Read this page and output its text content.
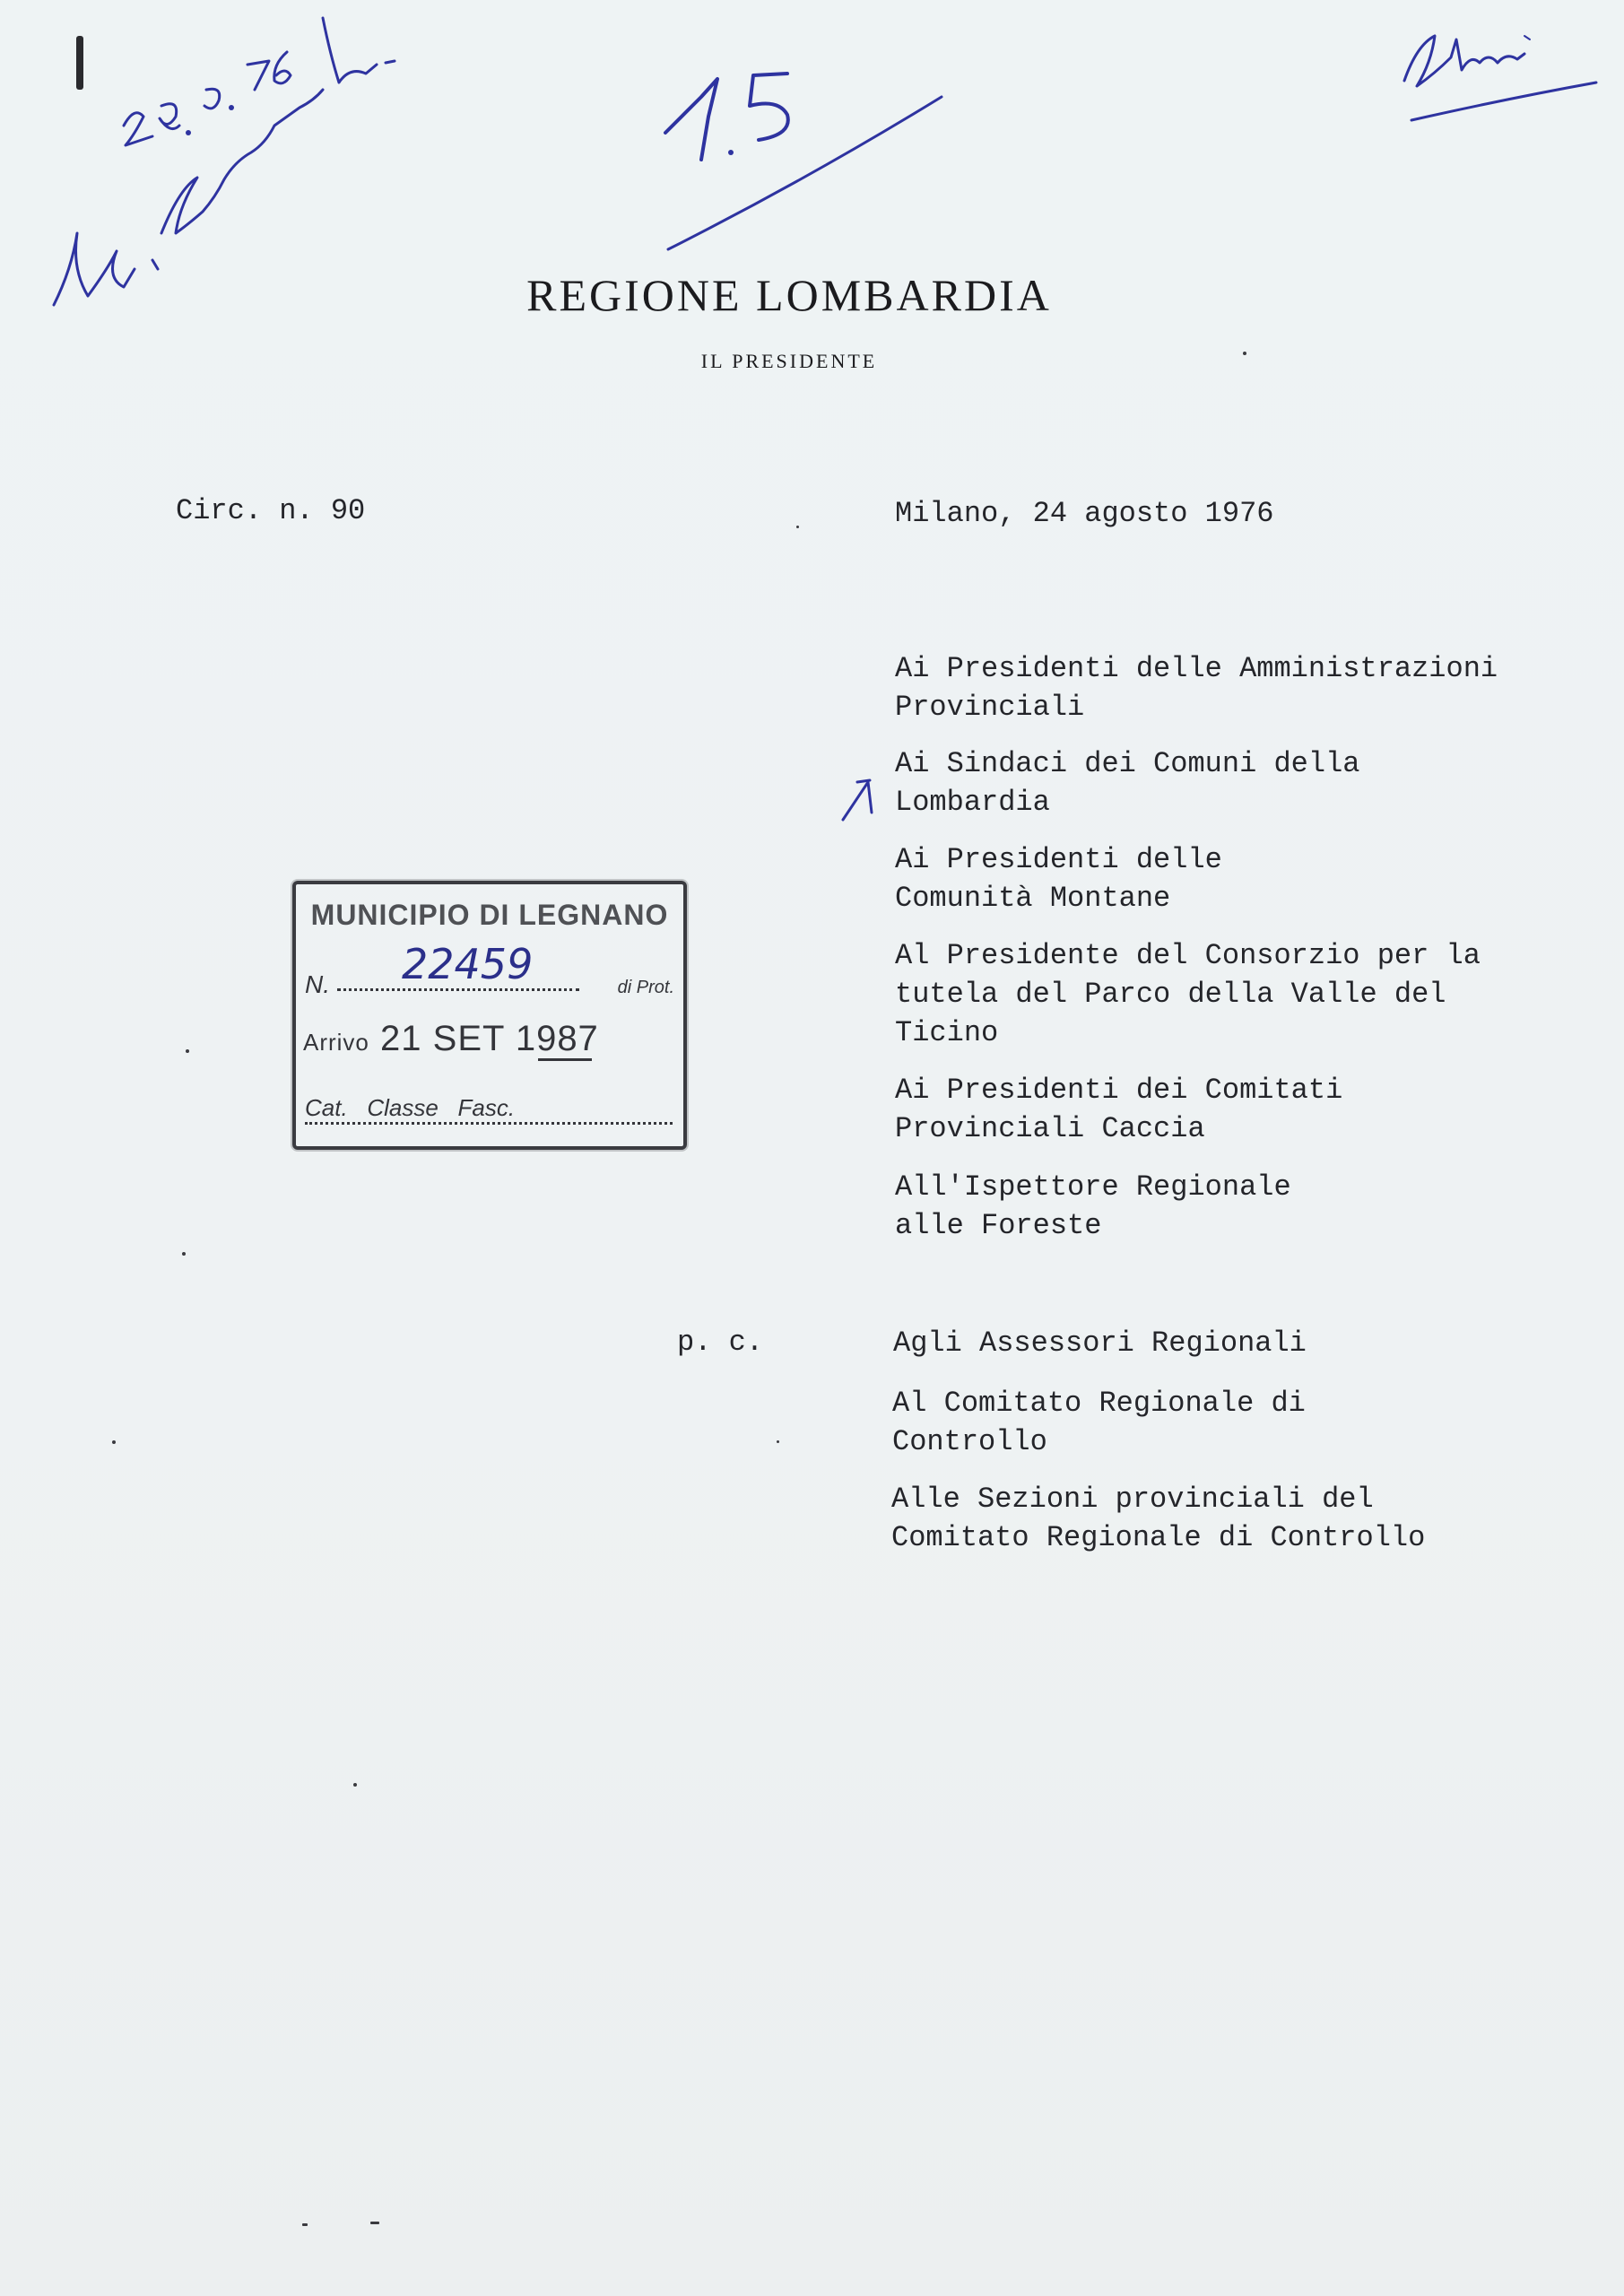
REGIONE LOMBARDIA
IL PRESIDENTE
Circ. n. 90	Milano, 24 agosto 1976
Ai Presidenti delle Amministrazioni
Provinciali
Ai Sindaci dei Comuni della
Lombardia
Ai Presidenti delle
Comunità Montane
Al Presidente del Consorzio per la
tutela del Parco della Valle del
Ticino
Ai Presidenti dei Comitati
Provinciali Caccia
All'Ispettore Regionale
alle Foreste
p. c.	Agli Assessori Regionali
Al Comitato Regionale di
Controllo
Alle Sezioni provinciali del
Comitato Regionale di Controllo
MUNICIPIO DI LEGNANO
N. 22459	di Prot.
Arrivo 21 SET 1987
Cat.   Classe   Fasc.
